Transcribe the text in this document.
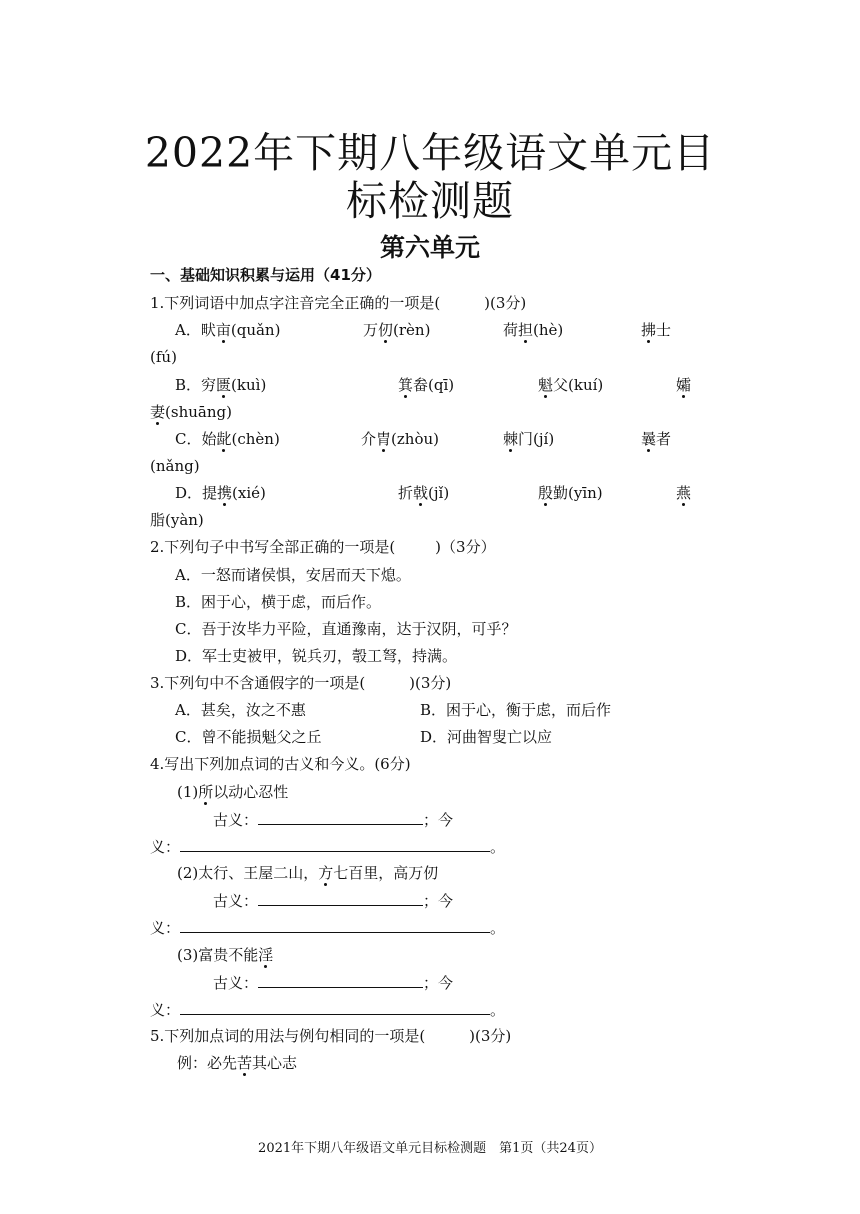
2022年下期八年级语文单元目
标检测题
第六单元
一、基础知识积累与运用（41分）
1.下列词语中加点字注音完全正确的一项是(	)(3分)
A．畎亩(quǎn)	万仞(rèn)	荷担(hè)	拂士
(fú)
B．穷匮(kuì)	箕畚(qī)	魁父(kuí)	孀
妻(shuāng)
C．始龀(chèn)	介胄(zhòu)	棘门(jí)	曩者
(nǎng)
D．提携(xié)	折戟(jǐ)	殷勤(yīn)	燕
脂(yàn)
2.下列句子中书写全部正确的一项是(	)（3分）
A．一怒而诸侯惧，安居而天下熄。
B．困于心，横于虑，而后作。
C．吾于汝毕力平险，直通豫南，达于汉阴，可乎？
D．军士吏被甲，锐兵刃，彀工弩，持满。
3.下列句中不含通假字的一项是(	)(3分)
A．甚矣，汝之不惠	B．困于心，衡于虑，而后作
C．曾不能损魁父之丘	D．河曲智叟亡以应
4.写出下列加点词的古义和今义。(6分)
(1)所以动心忍性
古义：	；今
义：	。
(2)太行、王屋二山，方七百里，高万仞
古义：	；今
义：	。
(3)富贵不能淫
古义：	；今
义：	。
5.下列加点词的用法与例句相同的一项是(	)(3分)
例：必先苦其心志
2021年下期八年级语文单元目标检测题　第1页（共24页）
